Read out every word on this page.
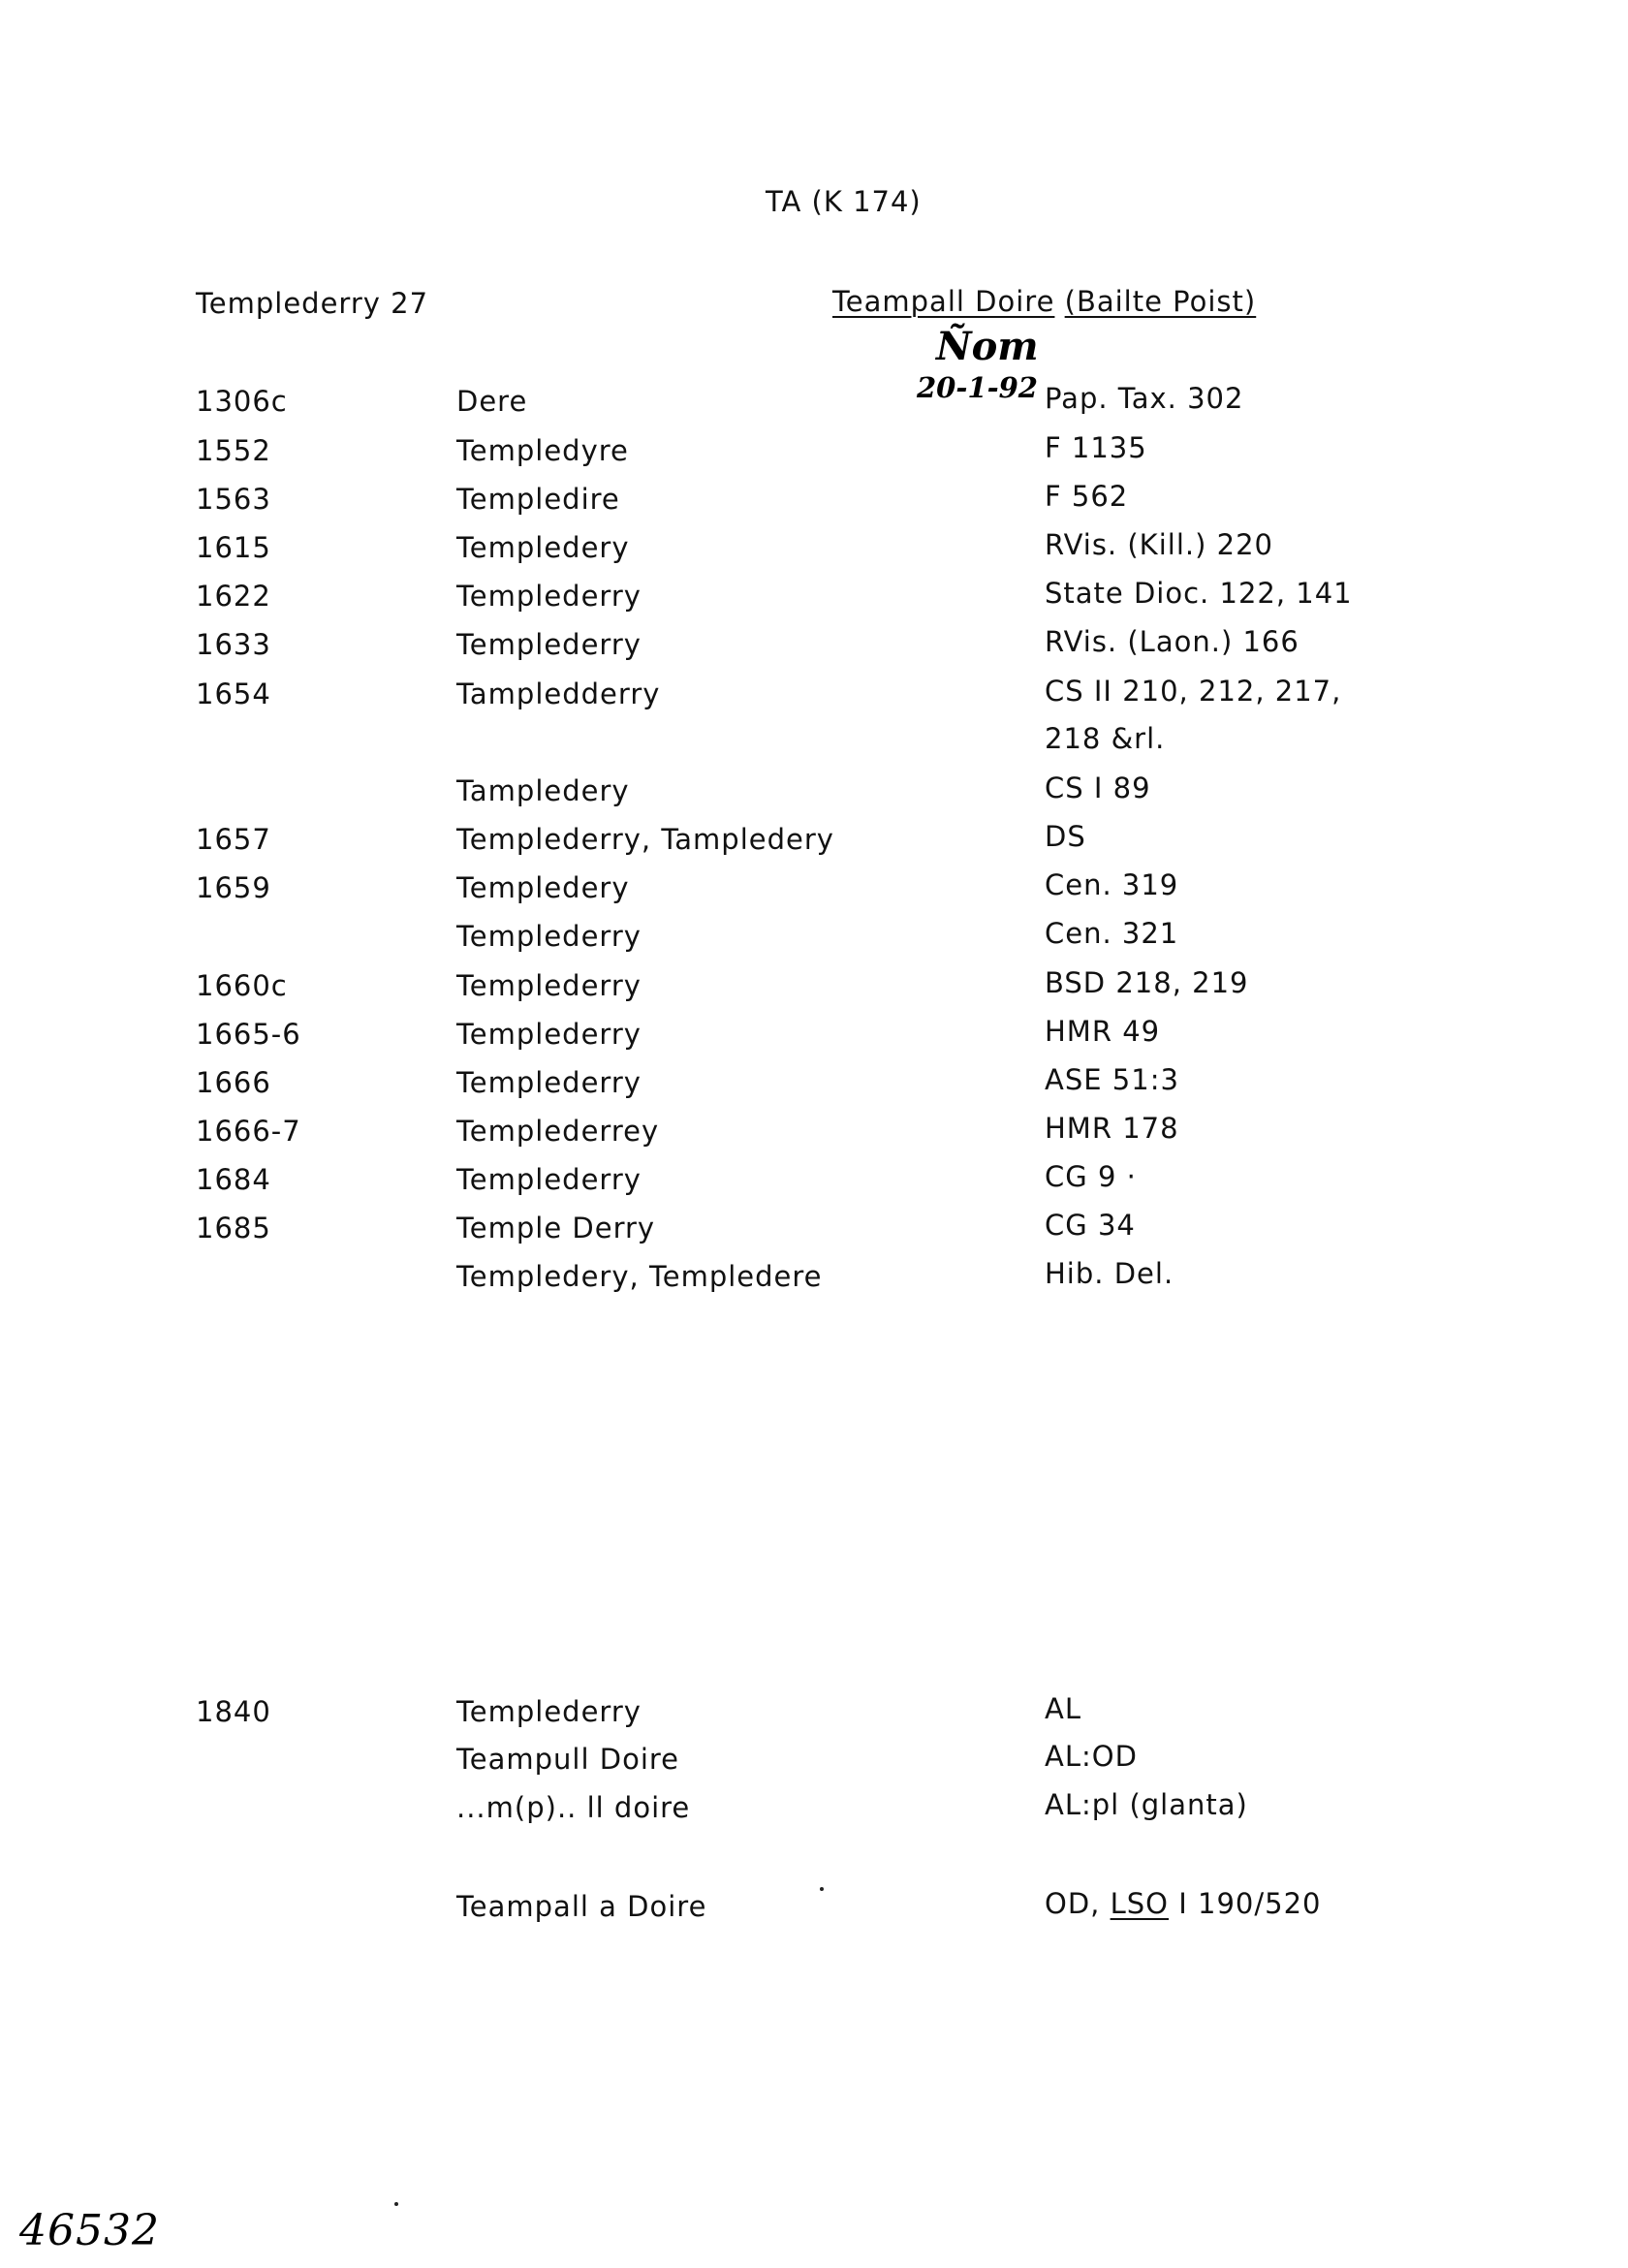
TA (K 174)
Templederry 27	Teampall Doire (Bailte Poist)
Ñom
20-1-92
1306c	Dere	Pap. Tax. 302
1552	Templedyre	F 1135
1563	Templedire	F 562
1615	Templedery	RVis. (Kill.) 220
1622	Templederry	State Dioc. 122, 141
1633	Templederry	RVis. (Laon.) 166
1654	Tampledderry	CS II 210, 212, 217,
218 &rl.
Tampledery	CS I 89
1657	Templederry, Tampledery	DS
1659	Templedery	Cen. 319
Templederry	Cen. 321
1660c	Templederry	BSD 218, 219
1665-6	Templederry	HMR 49
1666	Templederry	ASE 51:3
1666-7	Templederrey	HMR 178
1684	Templederry	CG 9 ·
1685	Temple Derry	CG 34
Templedery, Templedere	Hib. Del.
1840	Templederry	AL
Teampull Doire	AL:OD
...m(p).. ll doire	AL:pl (glanta)
Teampall a Doire	OD, LSO I 190/520
46532
